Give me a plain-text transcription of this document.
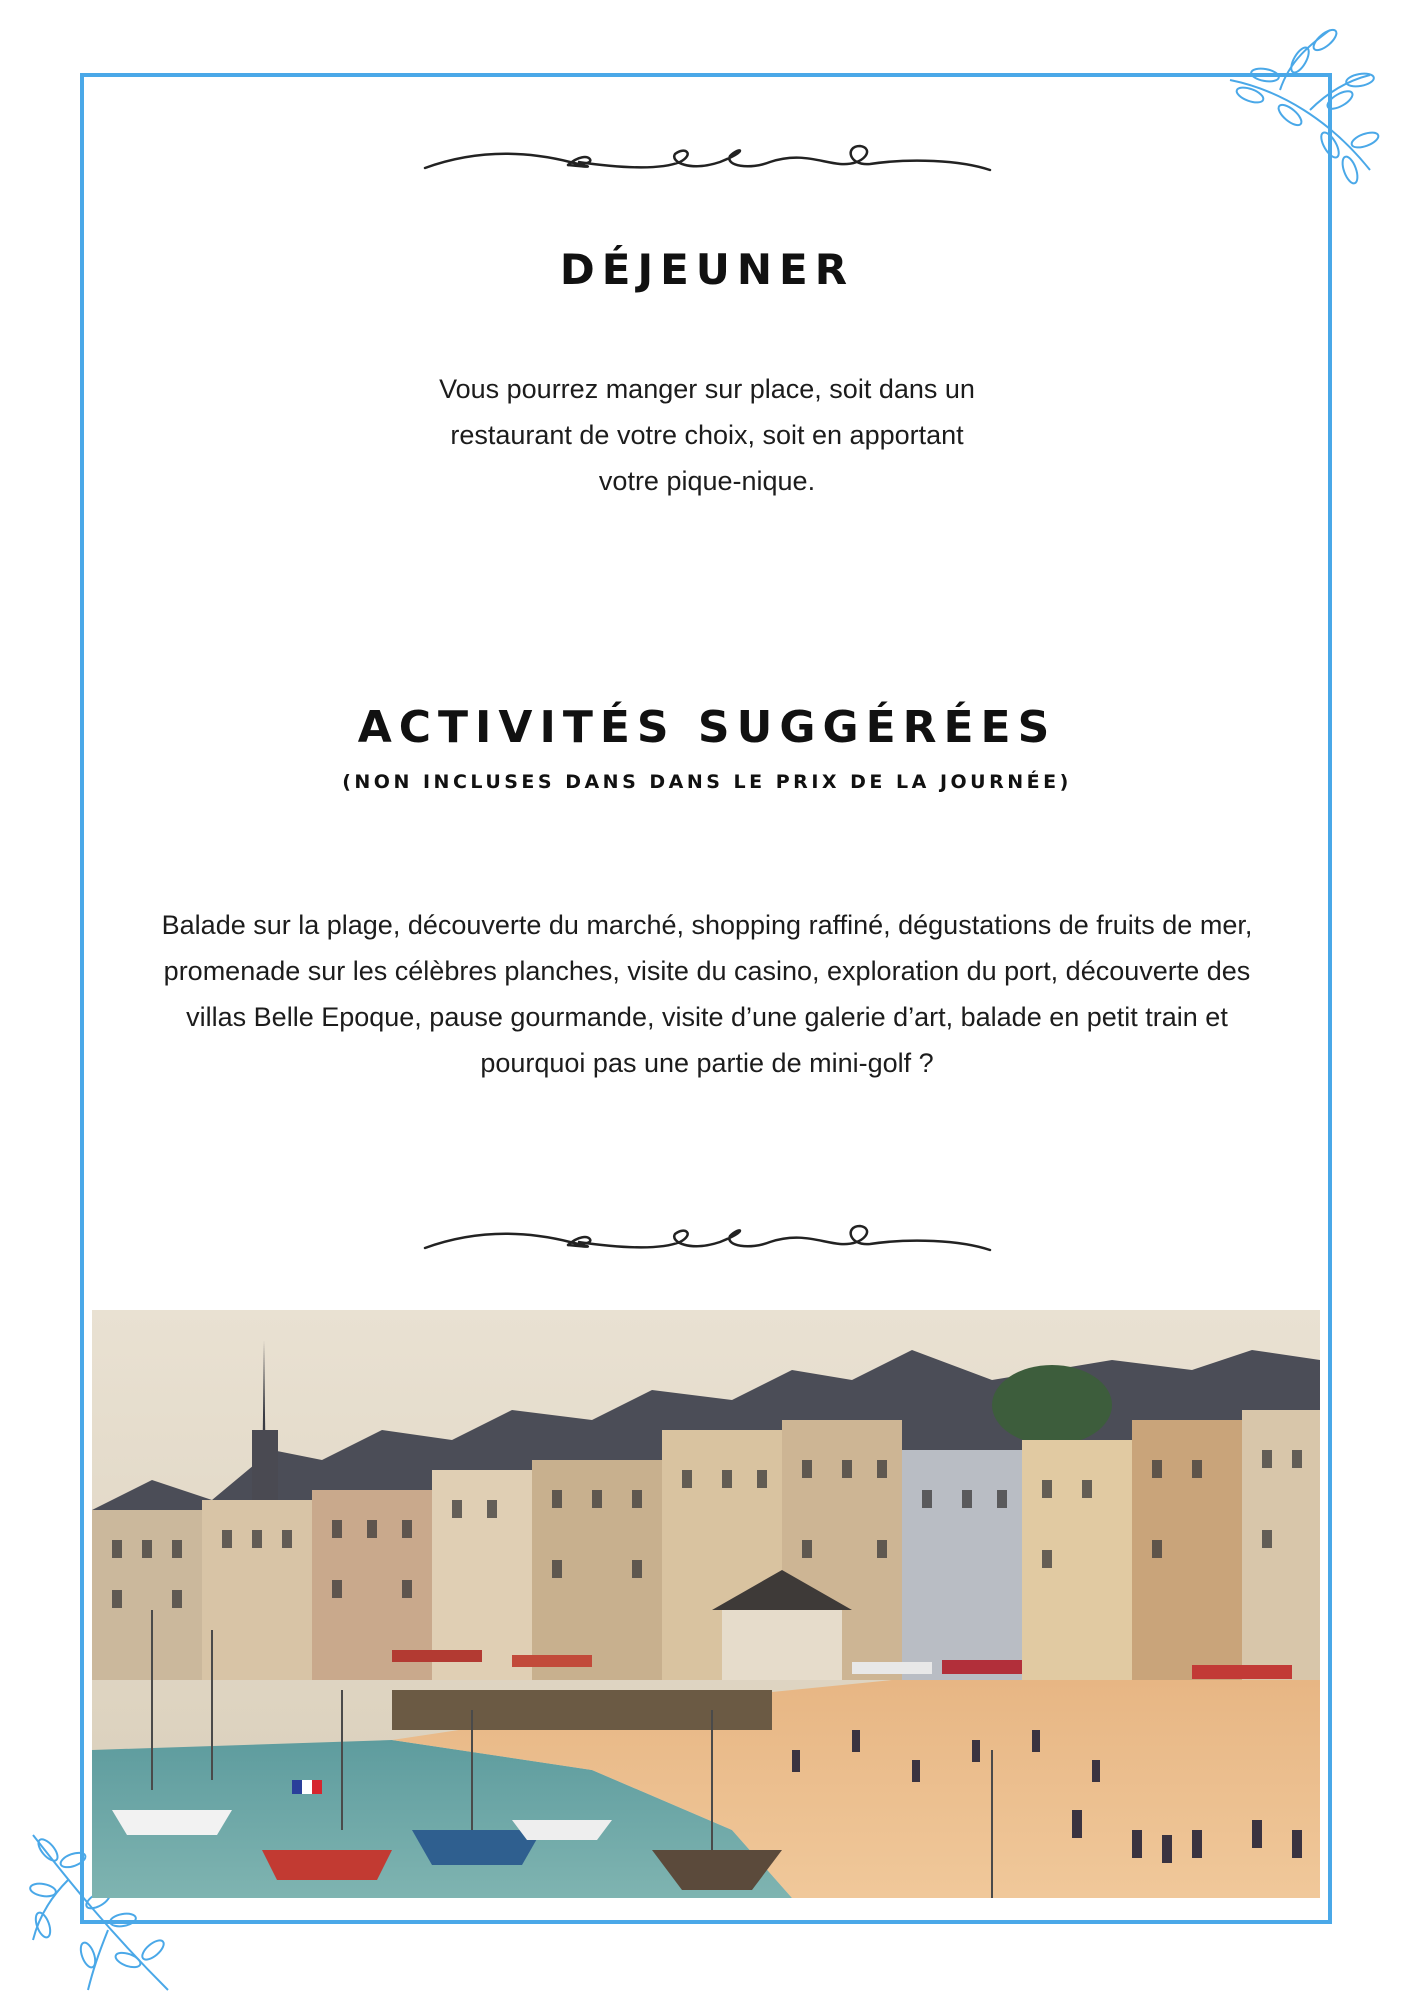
DÉJEUNER

Vous pourrez manger sur place, soit dans un
restaurant de votre choix, soit en apportant
votre pique-nique.

ACTIVITÉS SUGGÉRÉES
(NON INCLUSES DANS DANS LE PRIX DE LA JOURNÉE)

Balade sur la plage, découverte du marché, shopping raffiné, dégustations de fruits de mer, promenade sur les célèbres planches, visite du casino, exploration du port, découverte des villas Belle Epoque, pause gourmande, visite d’une galerie d’art, balade en petit train et pourquoi pas une partie de mini-golf ?
